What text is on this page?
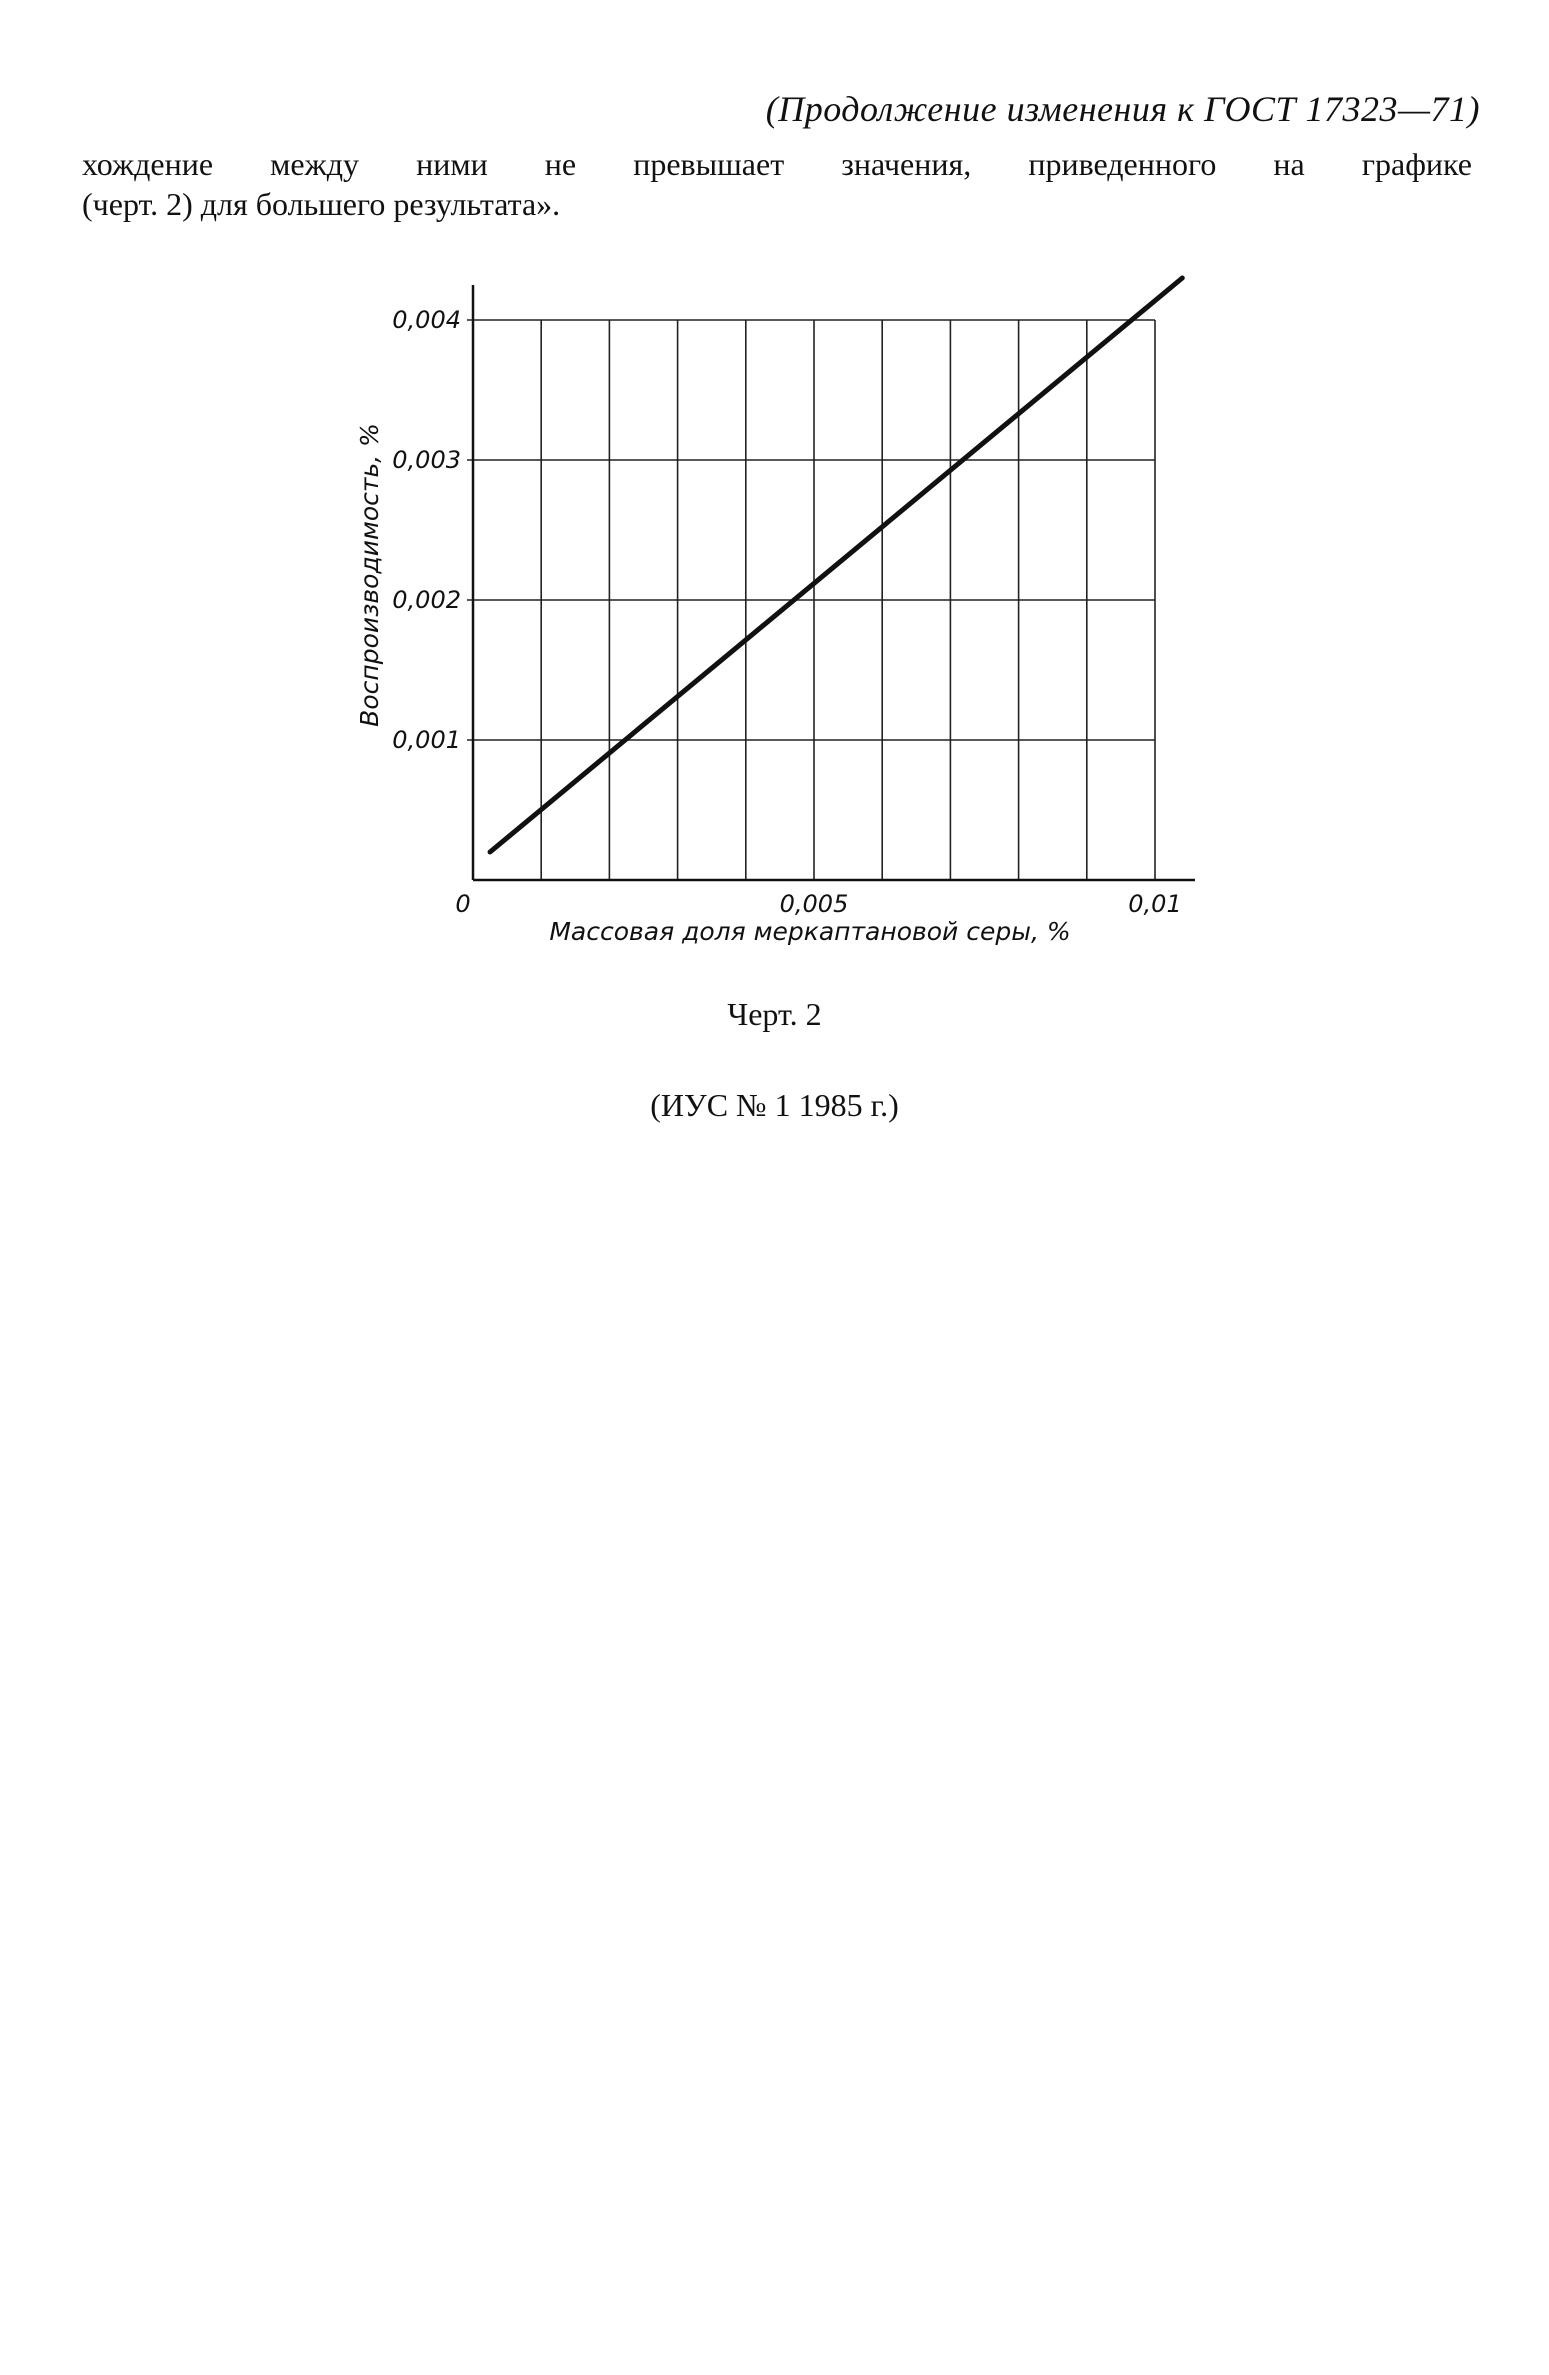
(Продолжение изменения к ГОСТ 17323—71)
хождение между ними не превышает значения, приведенного на графике
(черт. 2) для большего результата».
0	0,005	0,01
0,001
0,002
0,003
0,004
Массовая доля меркаптановой серы, %
Воспроизводимость, %
Черт. 2
(ИУС № 1 1985 г.)
